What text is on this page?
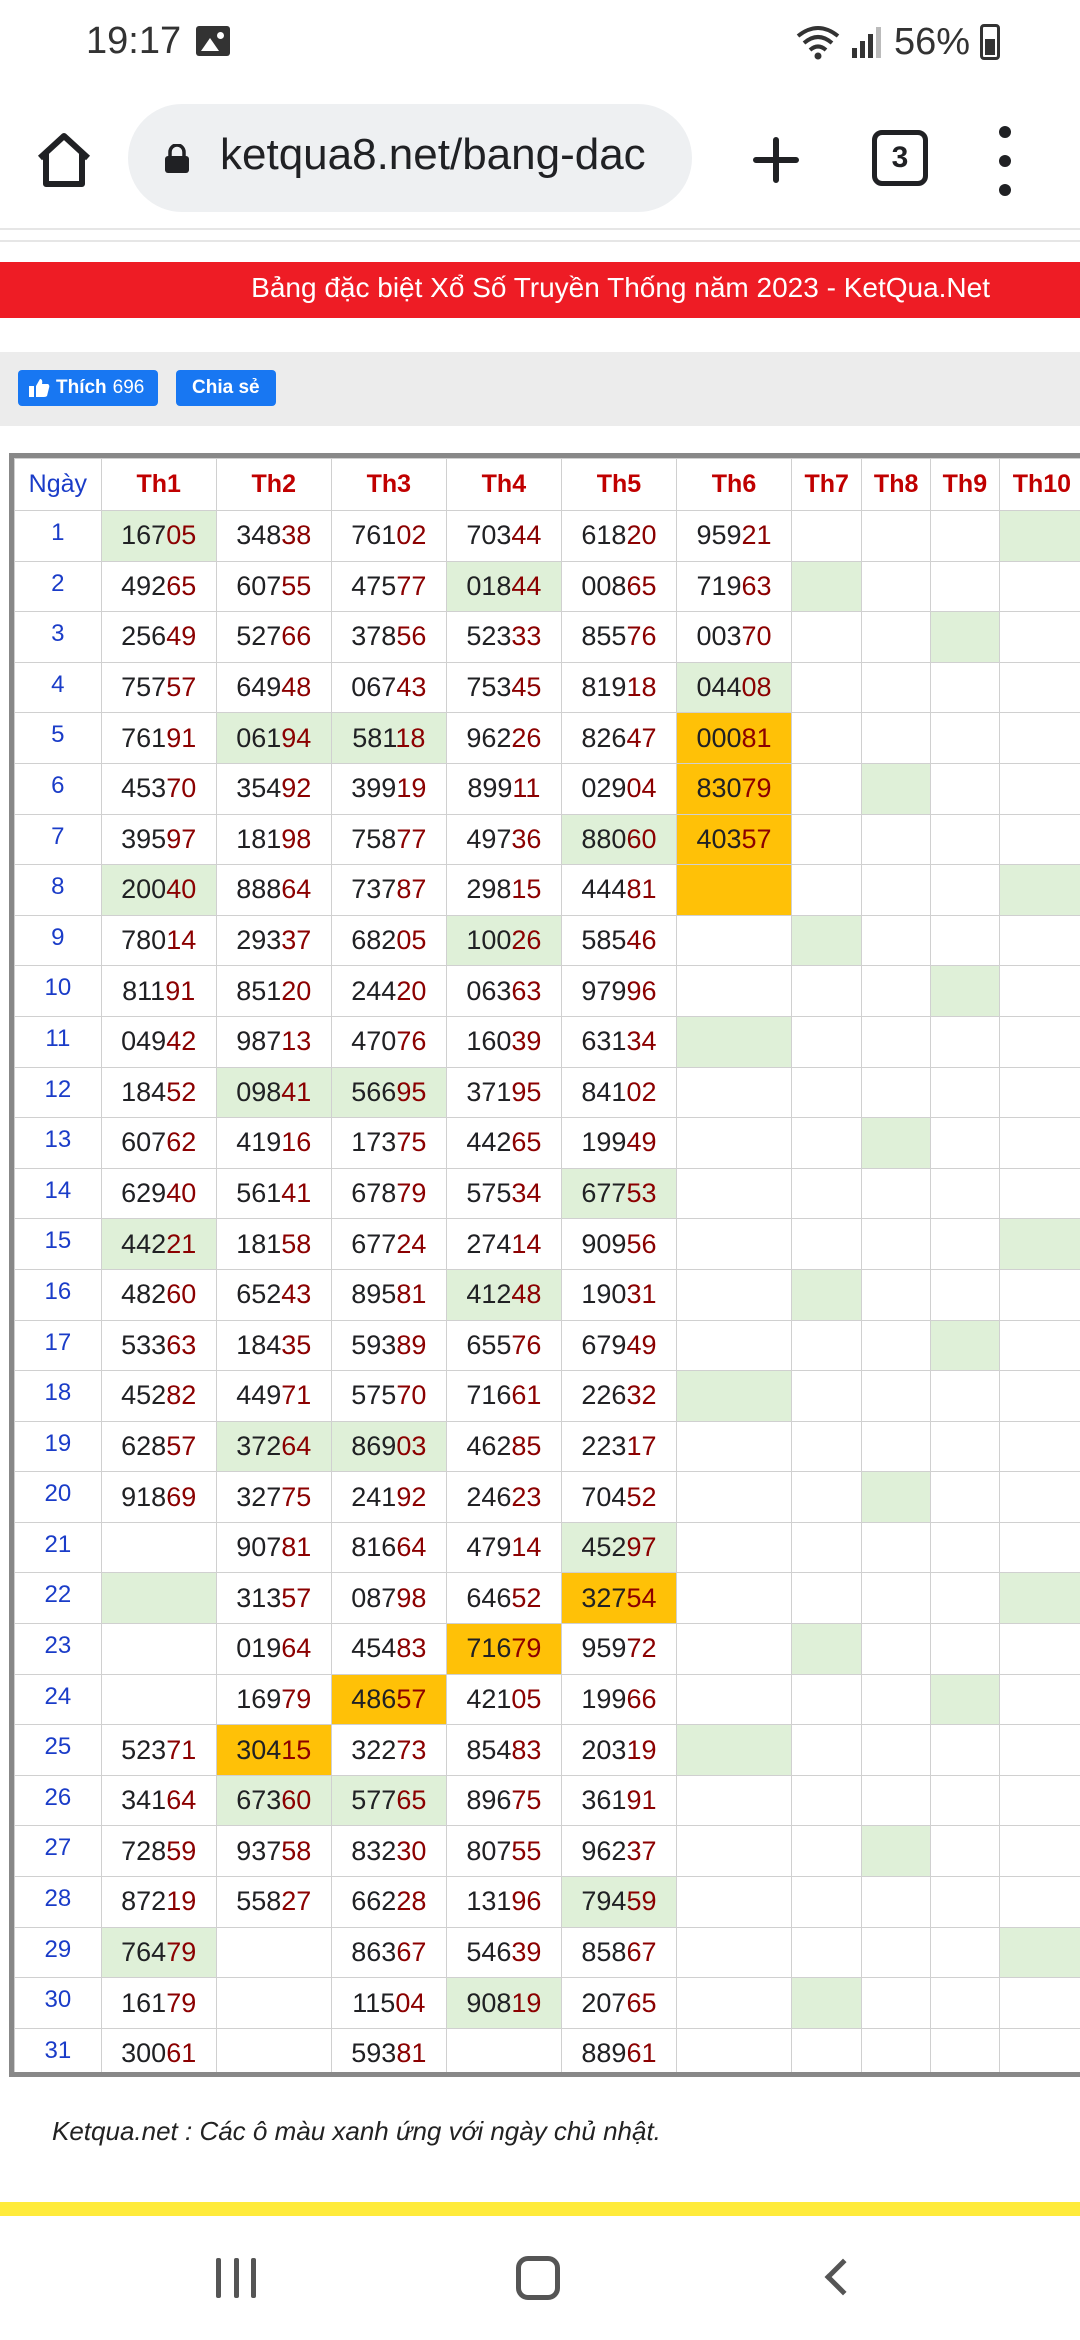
19:17	56%
ketqua8.net/bang-dac	3
Bảng đặc biệt Xổ Số Truyền Thống năm 2023 - KetQua.Net
Thích 696	Chia sẻ
Ngày	Th1	Th2	Th3	Th4	Th5	Th6	Th7	Th8	Th9	Th10
1	16705	34838	76102	70344	61820	95921				
2	49265	60755	47577	01844	00865	71963				
3	25649	52766	37856	52333	85576	00370				
4	75757	64948	06743	75345	81918	04408				
5	76191	06194	58118	96226	82647	00081				
6	45370	35492	39919	89911	02904	83079				
7	39597	18198	75877	49736	88060	40357				
8	20040	88864	73787	29815	44481					
9	78014	29337	68205	10026	58546					
10	81191	85120	24420	06363	97996					
11	04942	98713	47076	16039	63134					
12	18452	09841	56695	37195	84102					
13	60762	41916	17375	44265	19949					
14	62940	56141	67879	57534	67753					
15	44221	18158	67724	27414	90956					
16	48260	65243	89581	41248	19031					
17	53363	18435	59389	65576	67949					
18	45282	44971	57570	71661	22632					
19	62857	37264	86903	46285	22317					
20	91869	32775	24192	24623	70452					
21		90781	81664	47914	45297					
22		31357	08798	64652	32754					
23		01964	45483	71679	95972					
24		16979	48657	42105	19966					
25	52371	30415	32273	85483	20319					
26	34164	67360	57765	89675	36191					
27	72859	93758	83230	80755	96237					
28	87219	55827	66228	13196	79459					
29	76479		86367	54639	85867					
30	16179		11504	90819	20765					
31	30061		59381		88961					
Ketqua.net : Các ô màu xanh ứng với ngày chủ nhật.
